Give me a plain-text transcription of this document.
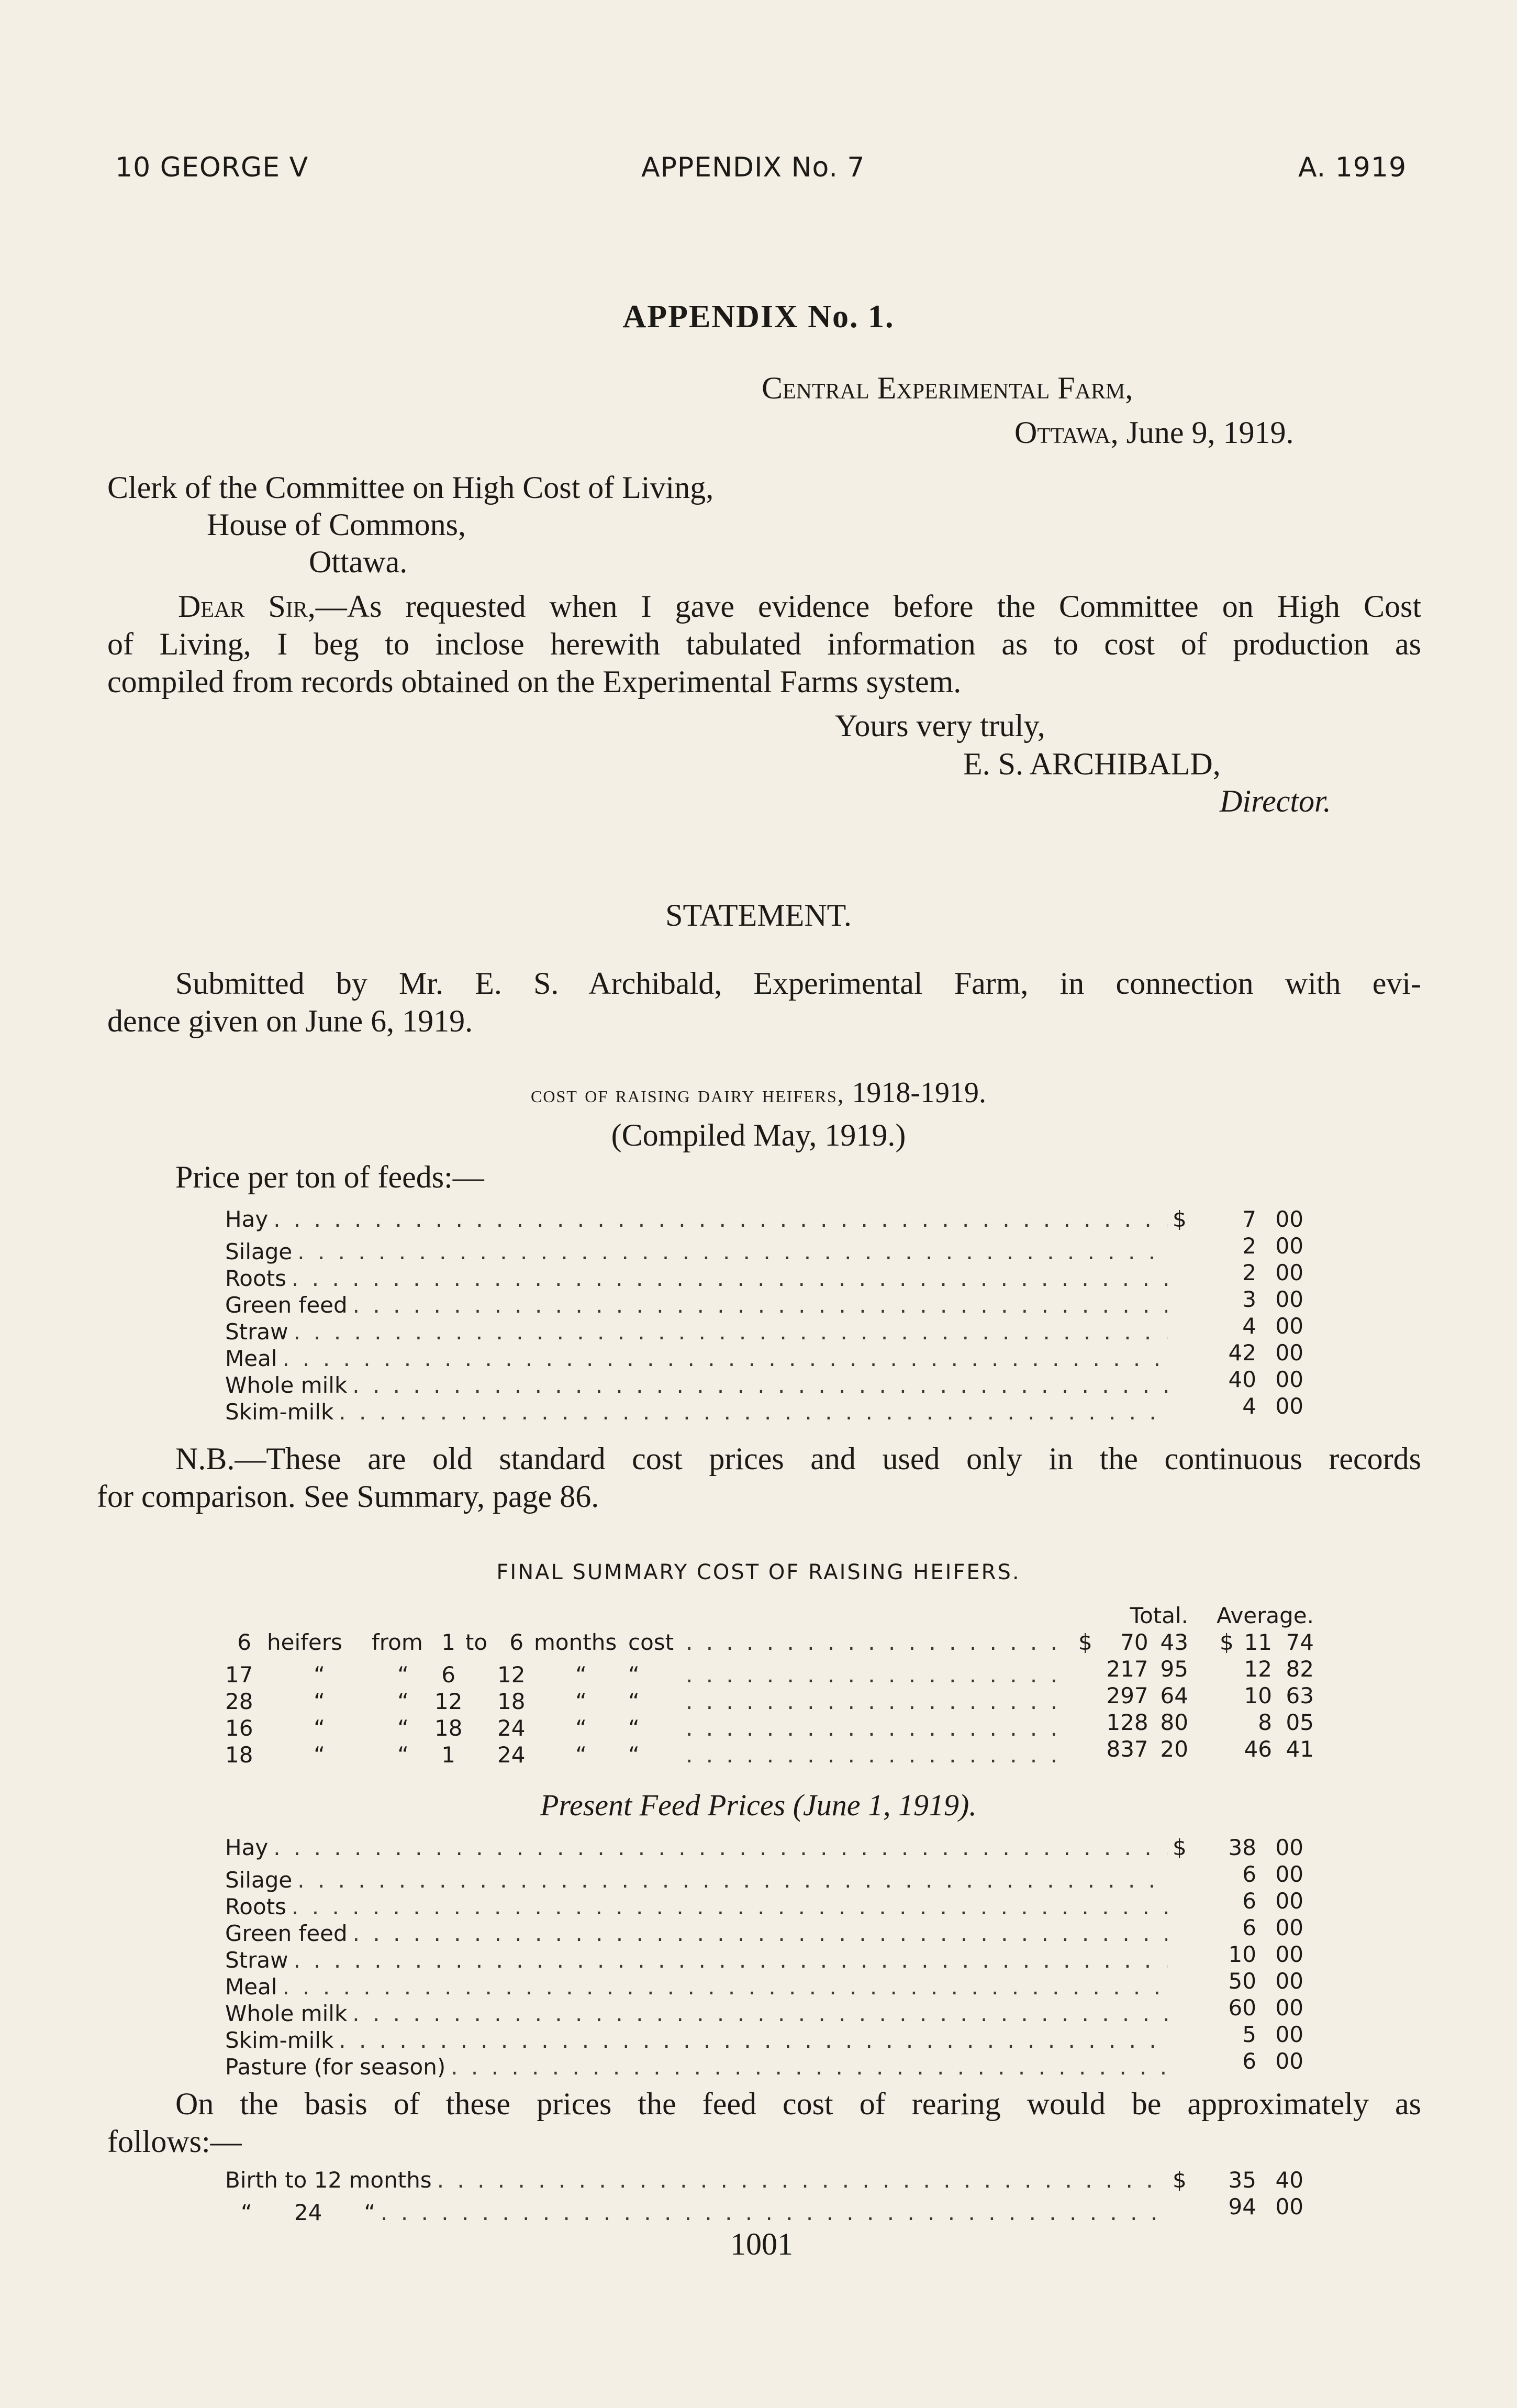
10 GEORGE V	APPENDIX No. 7	A. 1919
APPENDIX No. 1.
Central Experimental Farm,
Ottawa, June 9, 1919.
Clerk of the Committee on High Cost of Living,
House of Commons,
Ottawa.
Dear Sir,—As requested when I gave evidence before the Committee on High Cost
of Living, I beg to inclose herewith tabulated information as to cost of production as
compiled from records obtained on the Experimental Farms system.
Yours very truly,
E. S. ARCHIBALD,
Director.
STATEMENT.
Submitted by Mr. E. S. Archibald, Experimental Farm, in connection with evi-
dence given on June 6, 1919.
cost of raising dairy heifers, 1918-1919.
(Compiled May, 1919.)
Price per ton of feeds:—
Hay . . .	$	7 00
Silage . . .	2 00
Roots . . .	2 00
Green feed . . .	3 00
Straw . . .	4 00
Meal . . .	42 00
Whole milk . . .	40 00
Skim-milk . . .	4 00
N.B.—These are old standard cost prices and used only in the continuous records
for comparison. See Summary, page 86.
FINAL SUMMARY COST OF RAISING HEIFERS.
Total.	Average.
6 heifers	from 1 to	6 months cost . . .	$	70 43 $ 11 74
17	“	“	6 12	“	“ . . .	217 95	12 82
28	“	“	12 18	“	“ . . .	297 64	10 63
16	“	“	18 24	“	“ . . .	128 80	8 05
18	“	“	1 24	“	“ . . .	837 20	46 41
Present Feed Prices (June 1, 1919).
Hay . . .	$	38 00
Silage . . .	6 00
Roots . . .	6 00
Green feed . . .	6 00
Straw . . .	10 00
Meal . . .	50 00
Whole milk . . .	60 00
Skim-milk . . .	5 00
Pasture (for season) . . .	6 00
On the basis of these prices the feed cost of rearing would be approximately as
follows:—
Birth to 12 months . . .	$	35 40
“      24      “ . . .	94 00
1001
